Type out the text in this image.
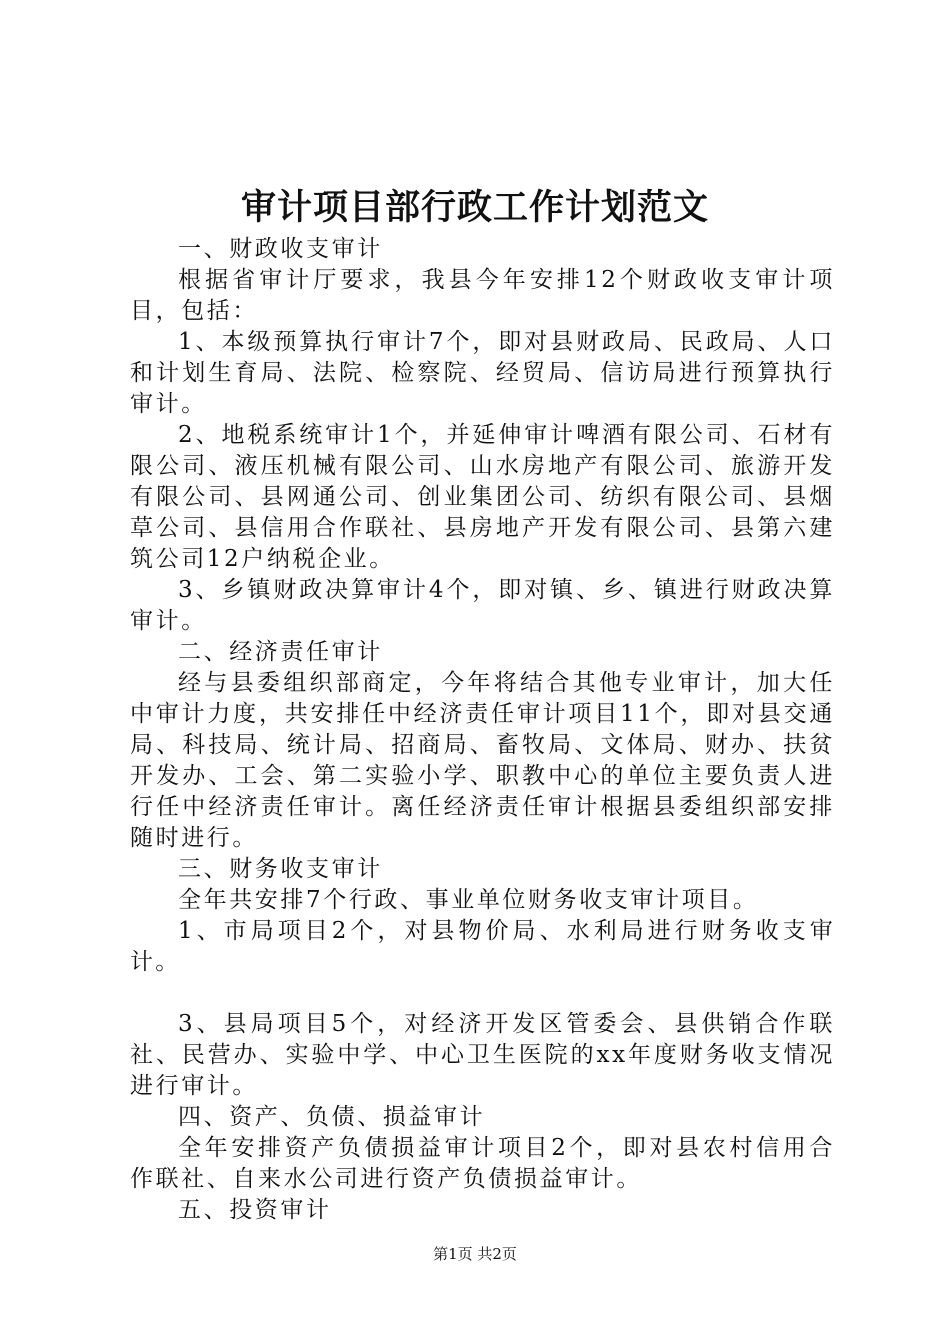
审计项目部行政工作计划范文

一、财政收支审计

根据省审计厅要求，我县今年安排12个财政收支审计项目，包括：

1、本级预算执行审计7个，即对县财政局、民政局、人口和计划生育局、法院、检察院、经贸局、信访局进行预算执行审计。

2、地税系统审计1个，并延伸审计啤酒有限公司、石材有限公司、液压机械有限公司、山水房地产有限公司、旅游开发有限公司、县网通公司、创业集团公司、纺织有限公司、县烟草公司、县信用合作联社、县房地产开发有限公司、县第六建筑公司12户纳税企业。

3、乡镇财政决算审计4个，即对镇、乡、镇进行财政决算审计。

二、经济责任审计

经与县委组织部商定，今年将结合其他专业审计，加大任中审计力度，共安排任中经济责任审计项目11个，即对县交通局、科技局、统计局、招商局、畜牧局、文体局、财办、扶贫开发办、工会、第二实验小学、职教中心的单位主要负责人进行任中经济责任审计。离任经济责任审计根据县委组织部安排随时进行。

三、财务收支审计

全年共安排7个行政、事业单位财务收支审计项目。

1、市局项目2个，对县物价局、水利局进行财务收支审计。

3、县局项目5个，对经济开发区管委会、县供销合作联社、民营办、实验中学、中心卫生医院的xx年度财务收支情况进行审计。

四、资产、负债、损益审计

全年安排资产负债损益审计项目2个，即对县农村信用合作联社、自来水公司进行资产负债损益审计。

五、投资审计

第1页 共2页
